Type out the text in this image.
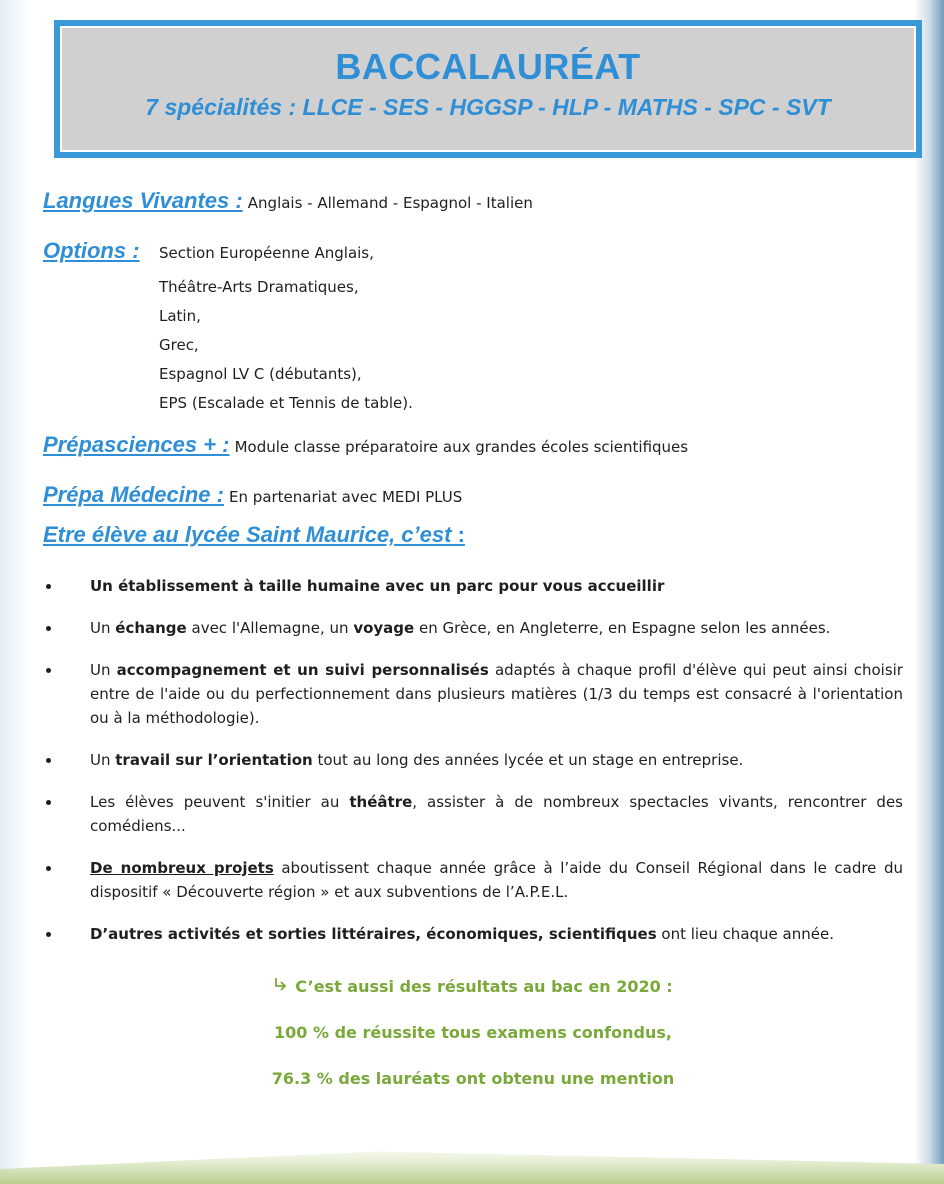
BACCALAURÉAT
7 spécialités : LLCE - SES - HGGSP - HLP - MATHS - SPC - SVT
Langues Vivantes : Anglais - Allemand - Espagnol - Italien
Options : Section Européenne Anglais,
Théâtre-Arts Dramatiques,
Latin,
Grec,
Espagnol LV C (débutants),
EPS (Escalade et Tennis de table).
Prépasciences + : Module classe préparatoire aux grandes écoles scientifiques
Prépa Médecine : En partenariat avec MEDI PLUS
Etre élève au lycée Saint Maurice, c’est :
Un établissement à taille humaine avec un parc pour vous accueillir
Un échange avec l'Allemagne, un voyage en Grèce, en Angleterre, en Espagne selon les années.
Un accompagnement et un suivi personnalisés adaptés à chaque profil d'élève qui peut ainsi choisir entre de l'aide ou du perfectionnement dans plusieurs matières (1/3 du temps est consacré à l'orientation ou à la méthodologie).
Un travail sur l’orientation tout au long des années lycée et un stage en entreprise.
Les élèves peuvent s'initier au théâtre, assister à de nombreux spectacles vivants, rencontrer des comédiens...
De nombreux projets aboutissent chaque année grâce à l’aide du Conseil Régional dans le cadre du dispositif « Découverte région » et aux subventions de l’A.P.E.L.
D’autres activités et sorties littéraires, économiques, scientifiques ont lieu chaque année.
C’est aussi des résultats au bac en 2020 :
100 % de réussite tous examens confondus,
76.3 % des lauréats ont obtenu une mention
